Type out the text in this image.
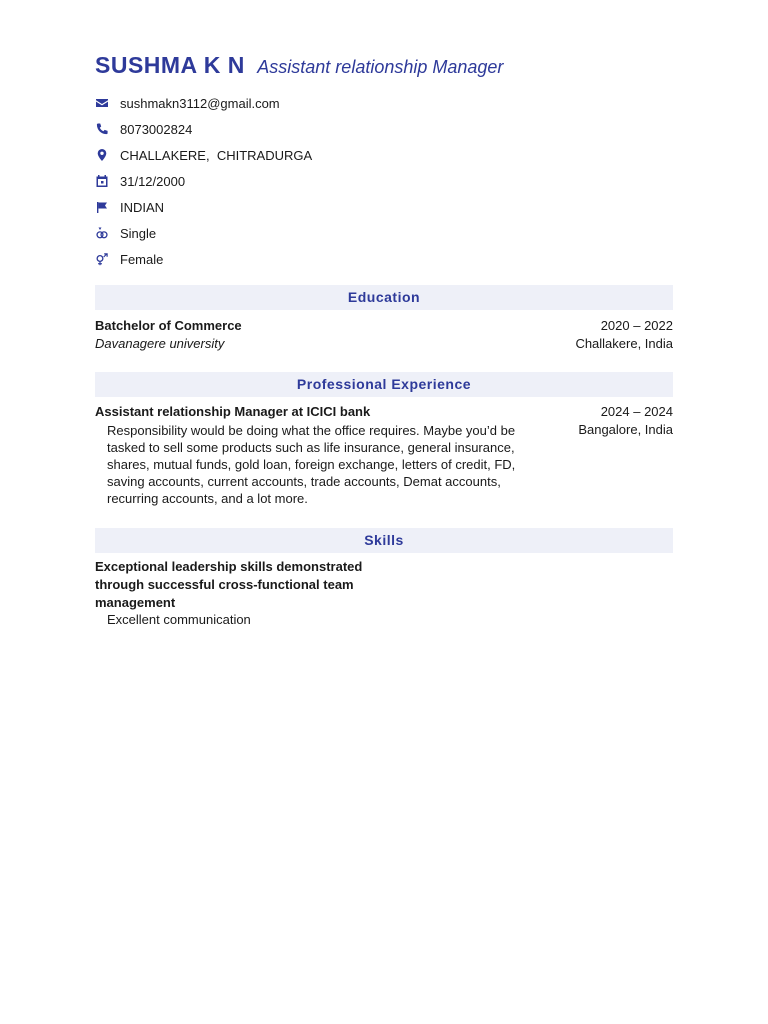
SUSHMA K N Assistant relationship Manager
sushmakn3112@gmail.com
8073002824
CHALLAKERE,  CHITRADURGA
31/12/2000
INDIAN
Single
Female
Education
Batchelor of Commerce
Davanagere university
2020 – 2022
Challakere, India
Professional Experience
Assistant relationship Manager at ICICI bank	2024 – 2024
Bangalore, India
Responsibility would be doing what the office requires. Maybe you’d be
tasked to sell some products such as life insurance, general insurance,
shares, mutual funds, gold loan, foreign exchange, letters of credit, FD,
saving accounts, current accounts, trade accounts, Demat accounts,
recurring accounts, and a lot more.
Skills
Exceptional leadership skills demonstrated
through successful cross-functional team
management
Excellent communication
